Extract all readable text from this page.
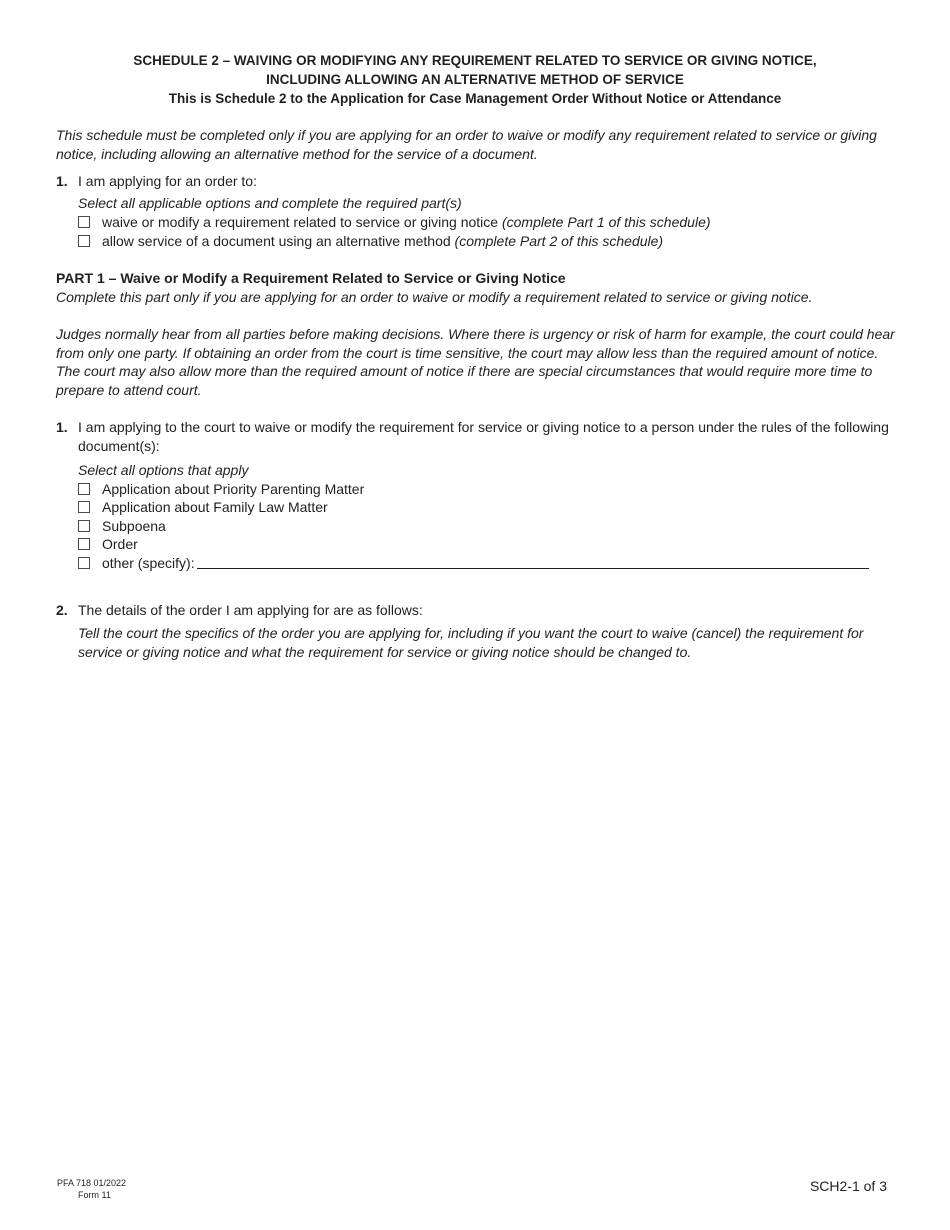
SCHEDULE 2 – WAIVING OR MODIFYING ANY REQUIREMENT RELATED TO SERVICE OR GIVING NOTICE,
INCLUDING ALLOWING AN ALTERNATIVE METHOD OF SERVICE
This is Schedule 2 to the Application for Case Management Order Without Notice or Attendance
This schedule must be completed only if you are applying for an order to waive or modify any requirement related to service or giving notice, including allowing an alternative method for the service of a document.
1. I am applying for an order to:
Select all applicable options and complete the required part(s)
waive or modify a requirement related to service or giving notice
(complete Part 1 of this schedule)
allow service of a document using an alternative method
(complete Part 2 of this schedule)
PART 1 – Waive or Modify a Requirement Related to Service or Giving Notice
Complete this part only if you are applying for an order to waive or modify a requirement related to service or giving notice.
Judges normally hear from all parties before making decisions. Where there is urgency or risk of harm for example, the court could hear from only one party. If obtaining an order from the court is time sensitive, the court may allow less than the required amount of notice. The court may also allow more than the required amount of notice if there are special circumstances that would require more time to prepare to attend court.
1. I am applying to the court to waive or modify the requirement for service or giving notice to a person under the rules of the following document(s):
Select all options that apply
Application about Priority Parenting Matter
Application about Family Law Matter
Subpoena
Order
other (specify):
2. The details of the order I am applying for are as follows:
Tell the court the specifics of the order you are applying for, including if you want the court to waive (cancel) the requirement for service or giving notice and what the requirement for service or giving notice should be changed to.
PFA 718 01/2022
Form 11
SCH2-1 of 3
